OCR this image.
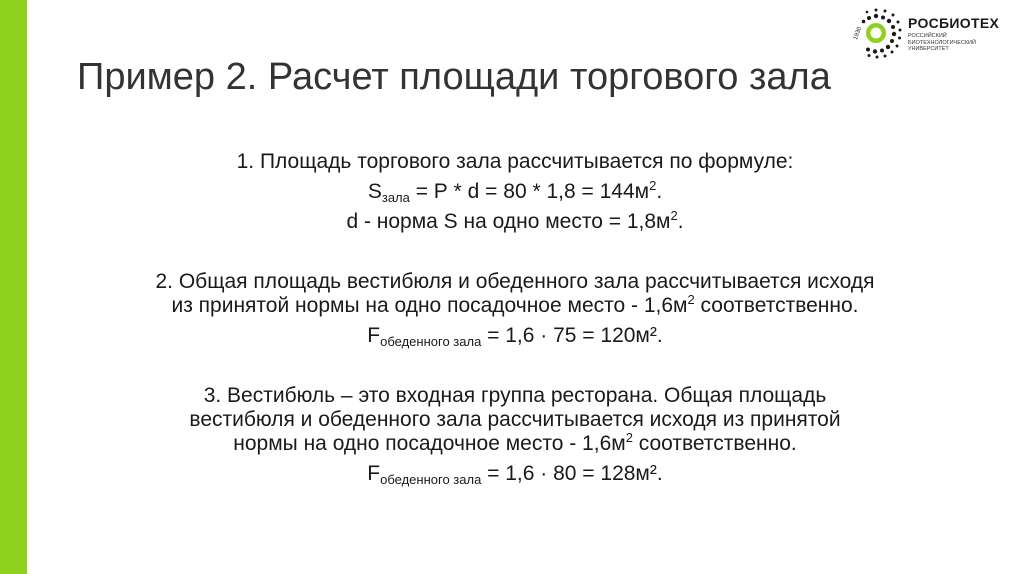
1930
РОСБИОТЕХ
РОССИЙСКИЙ БИОТЕХНОЛОГИЧЕСКИЙ УНИВЕРСИТЕТ
Пример 2. Расчет площади торгового зала

1. Площадь торгового зала рассчитывается по формуле:

$S_{зала} = Р * d = 80 * 1,8 = 144м^2$.

d - норма S на одно место = $1,8м^2$.

2. Общая площадь вестибюля и обеденного зала рассчитывается исходя

из принятой нормы на одно посадочное место - $1,6м^2$ соответственно.

$F_{обеденного зала} = 1,6 \cdot 75 = 120м^2$.

3. Вестибюль – это входная группа ресторана. Общая площадь

вестибюля и обеденного зала рассчитывается исходя из принятой

нормы на одно посадочное место - $1,6м^2$ соответственно.

$F_{обеденного зала} = 1,6 \cdot 80 = 128м^2$.
